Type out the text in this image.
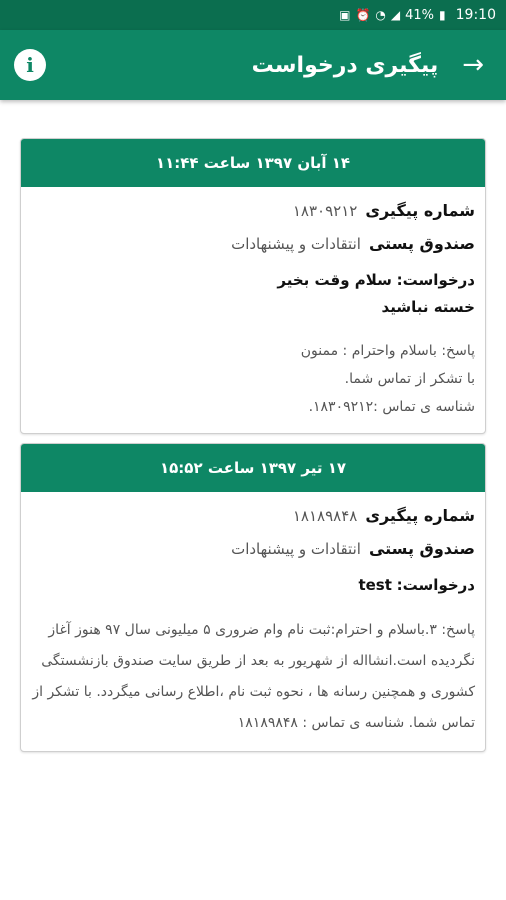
▣ ⏰ ◔ ◢ 41% ▮ 19:10
i	→
پیگیری درخواست
۱۴ آبان ۱۳۹۷ ساعت ۱۱:۴۴
شماره پیگیری
۱۸۳۰۹۲۱۲
صندوق پستی
انتقادات و پیشنهادات
درخواست: سلام وقت بخیر
خسته نباشید
پاسخ: باسلام واحترام : ممنون
با تشکر از تماس شما.
شناسه ی تماس :۱۸۳۰۹۲۱۲.
۱۷ تیر ۱۳۹۷ ساعت ۱۵:۵۲
شماره پیگیری
۱۸۱۸۹۸۴۸
صندوق پستی
انتقادات و پیشنهادات
درخواست: test
پاسخ: ۳.باسلام و احترام:ثبت نام وام ضروری ۵ میلیونی سال ۹۷ هنوز آغاز نگردیده است.انشااله از شهریور به بعد از طریق سایت صندوق بازنشستگی کشوری و همچنین رسانه ها ، نحوه ثبت نام ،اطلاع رسانی میگردد. با تشکر از تماس شما. شناسه ی تماس : ۱۸۱۸۹۸۴۸
